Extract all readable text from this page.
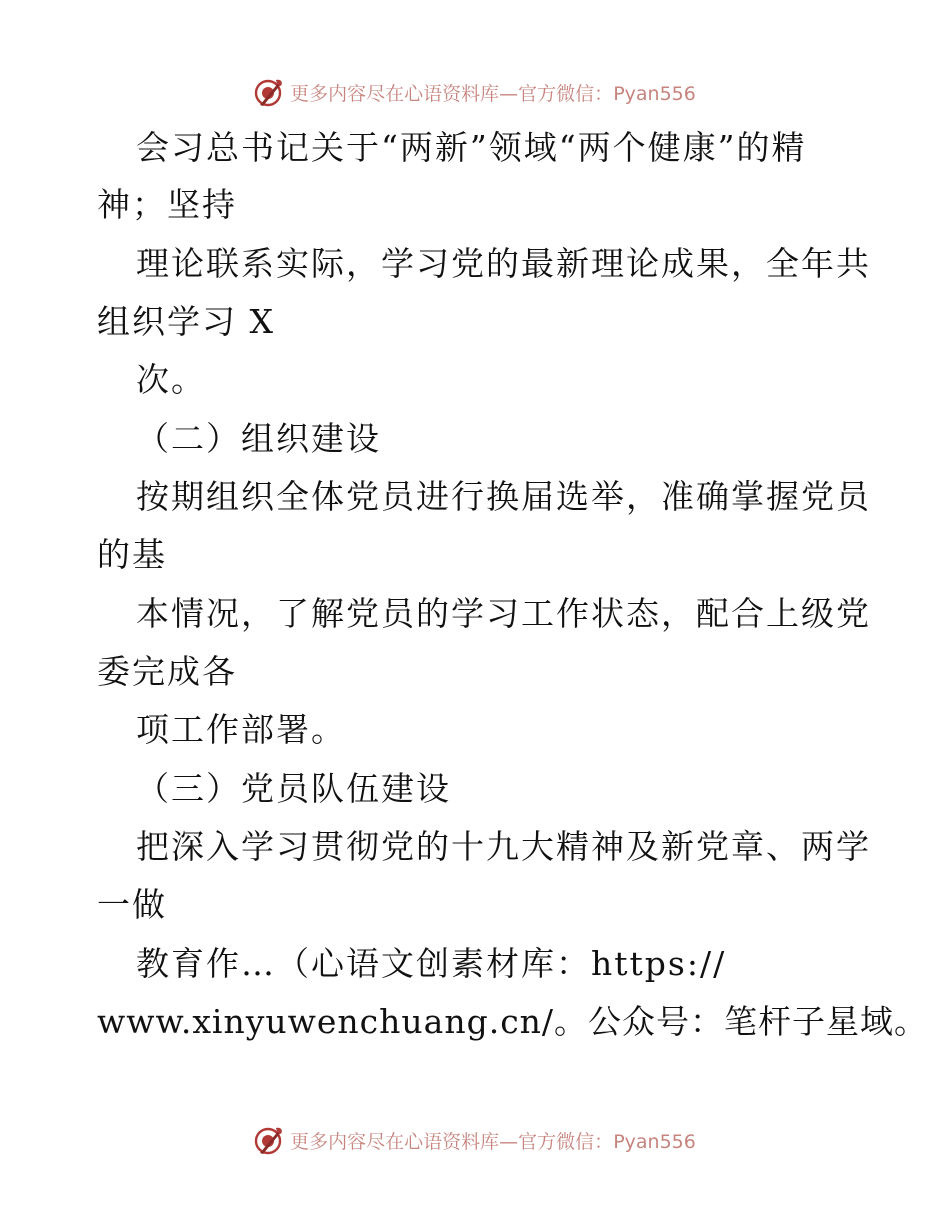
更多内容尽在心语资料库—官方微信：Pyan556
会习总书记关于“两新”领域“两个健康”的精
神；坚持
理论联系实际，学习党的最新理论成果，全年共
组织学习 X
次。
（二）组织建设
按期组织全体党员进行换届选举，准确掌握党员
的基
本情况，了解党员的学习工作状态，配合上级党
委完成各
项工作部署。
（三）党员队伍建设
把深入学习贯彻党的十九大精神及新党章、两学
一做
教育作…（心语文创素材库：https://
www.xinyuwenchuang.cn/。公众号：笔杆子星域。
更多内容尽在心语资料库—官方微信：Pyan556
